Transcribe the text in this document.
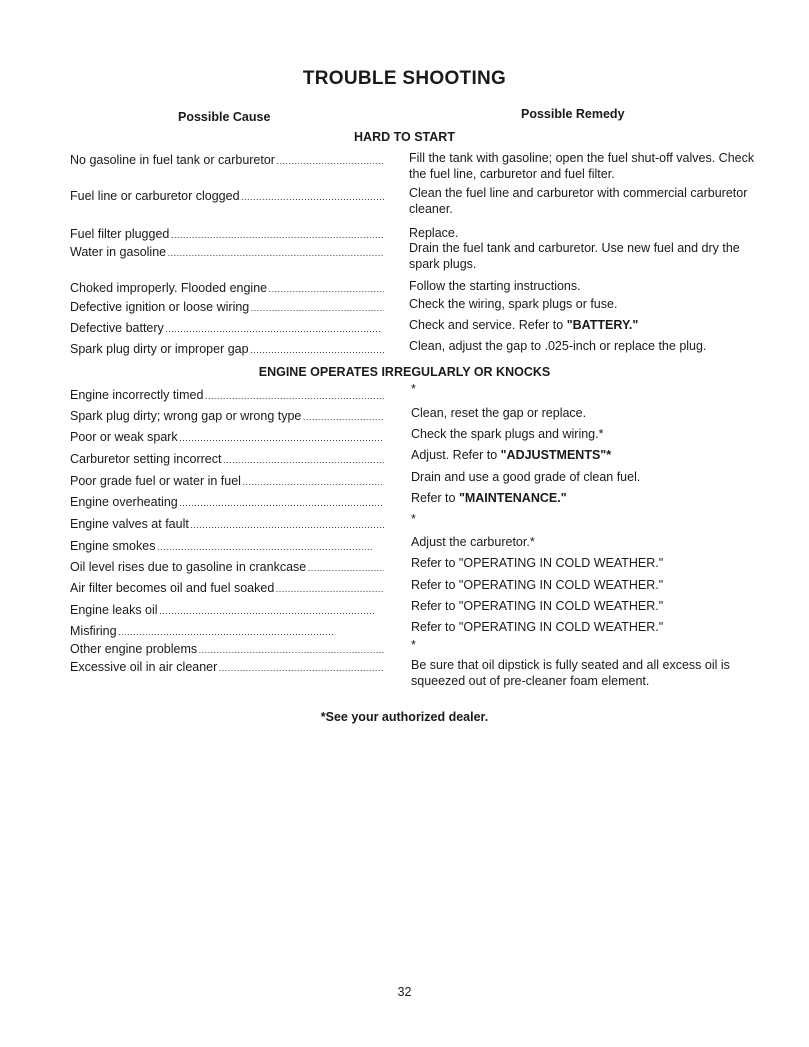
TROUBLE SHOOTING
Possible Cause	Possible Remedy
HARD TO START
No gasoline in fuel tank or carburetor . . .	Fill the tank with gasoline; open the fuel shut-off valves. Check the fuel line, carburetor and fuel filter.
Fuel line or carburetor clogged . . .	Clean the fuel line and carburetor with commercial carburetor cleaner.
Fuel filter plugged . . .	Replace.
Water in gasoline . . .	Drain the fuel tank and carburetor. Use new fuel and dry the spark plugs.
Choked improperly. Flooded engine . . .	Follow the starting instructions.
Defective ignition or loose wiring . . .	Check the wiring, spark plugs or fuse.
Defective battery . . .	Check and service. Refer to "BATTERY."
Spark plug dirty or improper gap . . .	Clean, adjust the gap to .025-inch or replace the plug.
ENGINE OPERATES IRREGULARLY OR KNOCKS
Engine incorrectly timed . . .	*
Spark plug dirty; wrong gap or wrong type . . .	Clean, reset the gap or replace.
Poor or weak spark . . .	Check the spark plugs and wiring.*
Carburetor setting incorrect . . .	Adjust. Refer to "ADJUSTMENTS"*
Poor grade fuel or water in fuel . . .	Drain and use a good grade of clean fuel.
Engine overheating . . .	Refer to "MAINTENANCE."
Engine valves at fault . . .	*
Engine smokes . . .	Adjust the carburetor.*
Oil level rises due to gasoline in crankcase . . .	Refer to "OPERATING IN COLD WEATHER."
Air filter becomes oil and fuel soaked . . .	Refer to "OPERATING IN COLD WEATHER."
Engine leaks oil . . .	Refer to "OPERATING IN COLD WEATHER."
Misfiring . . .	Refer to "OPERATING IN COLD WEATHER."
Other engine problems . . .	*
Excessive oil in air cleaner . . .	Be sure that oil dipstick is fully seated and all excess oil is squeezed out of pre-cleaner foam element.
*See your authorized dealer.
32
